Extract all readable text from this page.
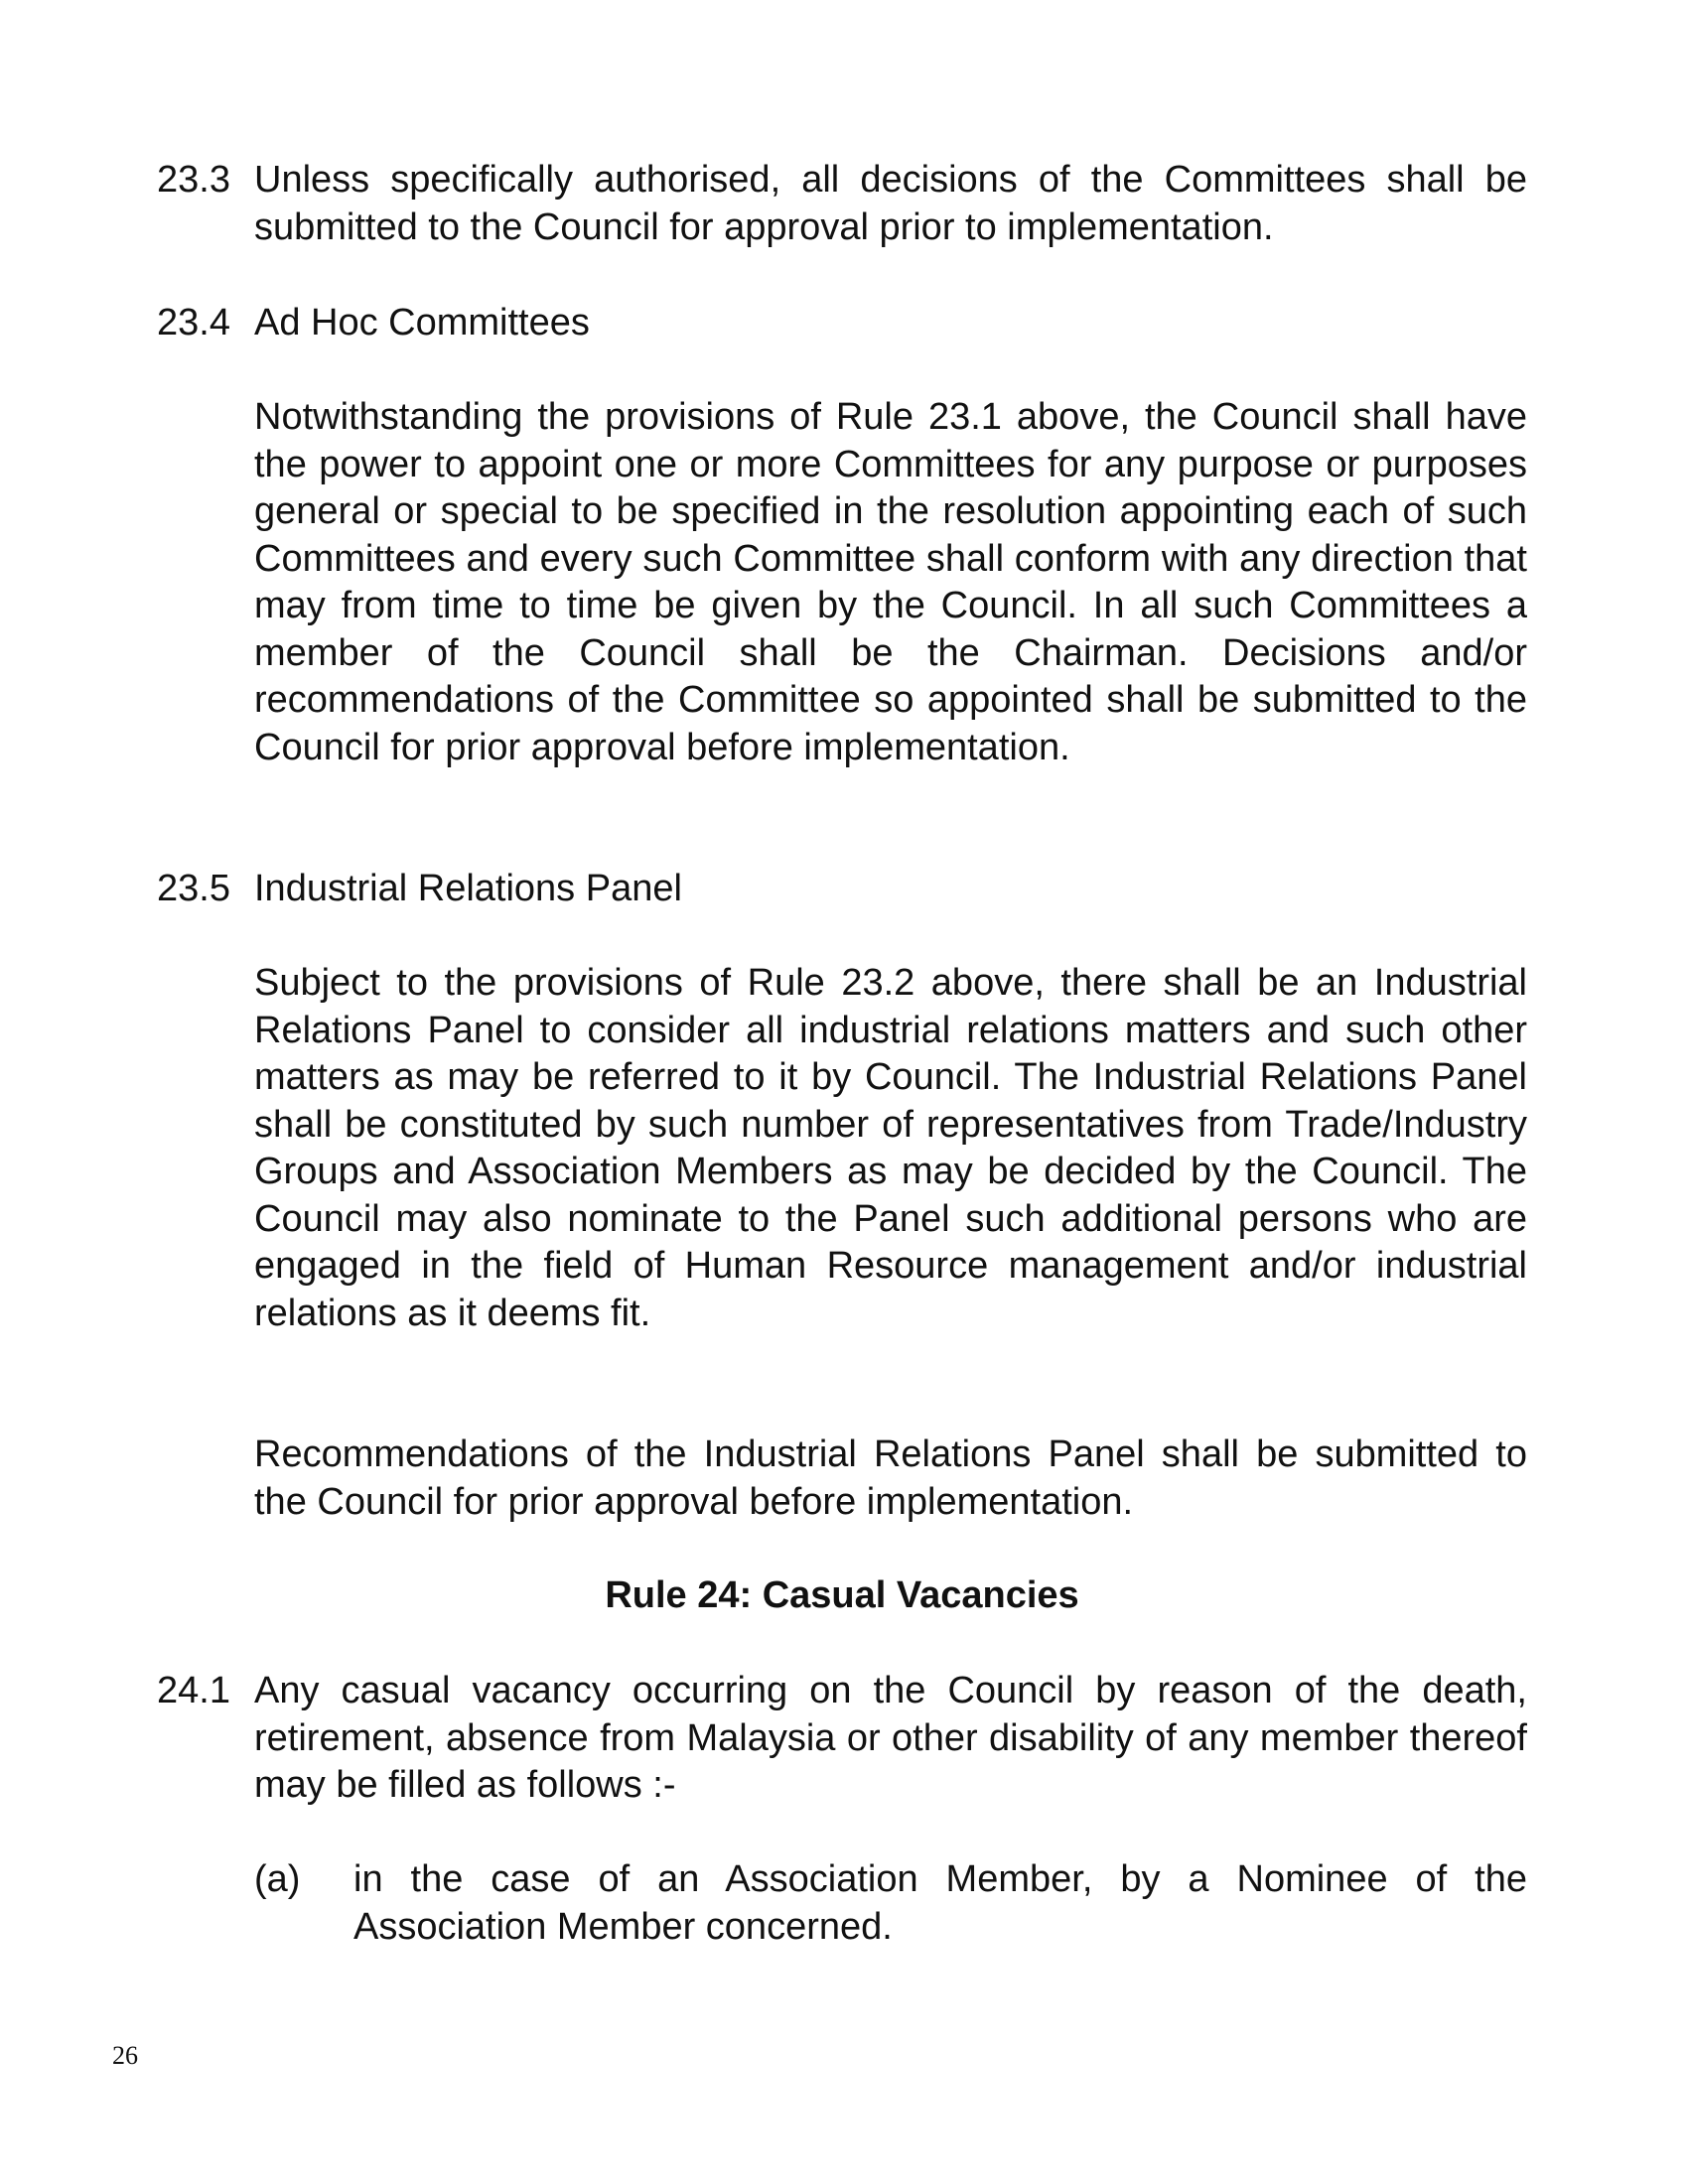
23.3 Unless specifically authorised, all decisions of the Committees shall be submitted to the Council for approval prior to implementation.
23.4 Ad Hoc Committees
Notwithstanding the provisions of Rule 23.1 above, the Council shall have the power to appoint one or more Committees for any purpose or purposes general or special to be specified in the resolution appointing each of such Committees and every such Committee shall conform with any direction that may from time to time be given by the Council. In all such Committees a member of the Council shall be the Chairman. Decisions and/or recommendations of the Committee so appointed shall be submitted to the Council for prior approval before implementation.
23.5 Industrial Relations Panel
Subject to the provisions of Rule 23.2 above, there shall be an Industrial Relations Panel to consider all industrial relations matters and such other matters as may be referred to it by Council. The Industrial Relations Panel shall be constituted by such number of representatives from Trade/Industry Groups and Association Members as may be decided by the Council. The Council may also nominate to the Panel such additional persons who are engaged in the field of Human Resource management and/or industrial relations as it deems fit.
Recommendations of the Industrial Relations Panel shall be submitted to the Council for prior approval before implementation.
Rule 24: Casual Vacancies
24.1 Any casual vacancy occurring on the Council by reason of the death, retirement, absence from Malaysia or other disability of any member thereof may be filled as follows :-
(a)	in the case of an Association Member, by a Nominee of the Association Member concerned.
26
